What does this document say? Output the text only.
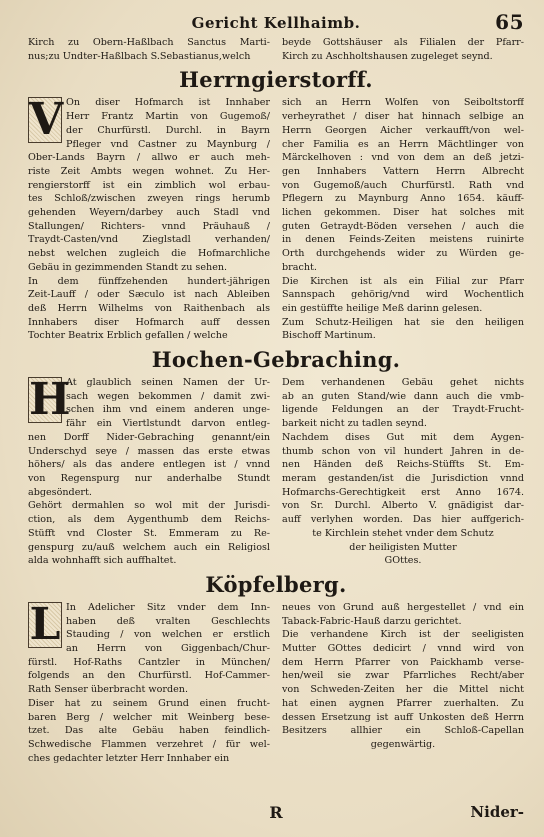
Gericht Kellhaimb.	65
Kirch zu Obern-Haßlbach Sanctus Marti-
nus;zu Undter-Haßlbach S.Sebastianus,welch
beyde Gottshäuser als Filialen der Pfarr-
Kirch zu Aschholtshausen zugeleget seynd.
Herrngierstorff.
V On diser Hofmarch ist Innhaber
Herr Frantz Martin von Gugemoß/
der Churfürstl. Durchl. in Bayrn
Pfleger vnd Castner zu Maynburg /
Ober-Lands Bayrn / allwo er auch meh-
riste Zeit Ambts wegen wohnet. Zu Her-
rengierstorff ist ein zimblich wol erbau-
tes Schloß/zwischen zweyen rings herumb
gehenden Weyern/darbey auch Stadl vnd
Stallungen/ Richters- vnnd Präuhauß /
Traydt-Casten/vnd Zieglstadl verhanden/
nebst welchen zugleich die Hofmarchliche
Gebäu in gezimmenden Standt zu sehen.
In dem fünffzehenden hundert-jährigen
Zeit-Lauff / oder Sæculo ist nach Ableiben
deß Herrn Wilhelms von Raithenbach als
Innhabers diser Hofmarch auff dessen
Tochter Beatrix Erblich gefallen / welche
sich an Herrn Wolfen von Seiboltstorff
verheyrathet / diser hat hinnach selbige an
Herrn Georgen Aicher verkaufft/von wel-
cher Familia es an Herrn Mächtlinger von
Märckelhoven : vnd von dem an deß jetzi-
gen Innhabers Vattern Herrn Albrecht
von Gugemoß/auch Churfürstl. Rath vnd
Pflegern zu Maynburg Anno 1654. käuff-
lichen gekommen. Diser hat solches mit
guten Getraydt-Böden versehen / auch die
in denen Feinds-Zeiten meistens ruinirte
Orth durchgehends wider zu Würden ge-
bracht.
Die Kirchen ist als ein Filial zur Pfarr
Sannspach gehörig/vnd wird Wochentlich
ein gestüffte heilige Meß darinn gelesen.
Zum Schutz-Heiligen hat sie den heiligen
Bischoff Martinum.
Hochen-Gebraching.
H
At glaublich seinen Namen der Ur-
sach wegen bekommen / damit zwi-
schen ihm vnd einem anderen unge-
fähr ein Viertlstundt darvon entleg-
nen Dorff Nider-Gebraching genannt/ein
Underschyd seye / massen das erste etwas
höhers/ als das andere entlegen ist / vnnd
von Regenspurg nur anderhalbe Stundt
abgesöndert.
Gehört dermahlen so wol mit der Jurisdi-
ction, als dem Aygenthumb dem Reichs-
Stüfft vnd Closter St. Emmeram zu Re-
genspurg zu/auß welchem auch ein Religiosl
alda wohnhafft sich auffhaltet.
Dem verhandenen Gebäu gehet nichts
ab an guten Stand/wie dann auch die vmb-
ligende Feldungen an der Traydt-Frucht-
barkeit nicht zu tadlen seynd.
Nachdem dises Gut mit dem Aygen-
thumb schon von vil hundert Jahren in de-
nen Händen deß Reichs-Stüffts St. Em-
meram gestanden/ist die Jurisdiction vnnd
Hofmarchs-Gerechtigkeit erst Anno 1674.
von Sr. Durchl. Alberto V. gnädigist dar-
auff verlyhen worden. Das hier auffgerich-
te Kirchlein stehet vnder dem Schutz
der heiligisten Mutter
GOttes.
Köpfelberg.
L In Adelicher Sitz vnder dem Inn-
haben deß vralten Geschlechts
Stauding / von welchen er erstlich
an Herrn von Giggenbach/Chur-
fürstl. Hof-Raths Cantzler in München/
folgends an den Churfürstl. Hof-Cammer-
Rath Senser überbracht worden.
Diser hat zu seinem Grund einen frucht-
baren Berg / welcher mit Weinberg bese-
tzet. Das alte Gebäu haben feindlich-
Schwedische Flammen verzehret / für wel-
ches gedachter letzter Herr Innhaber ein
neues von Grund auß hergestellet / vnd ein
Taback-Fabric-Hauß darzu gerichtet.
Die verhandene Kirch ist der seeligisten
Mutter GOttes dedicirt / vnnd wird von
dem Herrn Pfarrer von Paickhamb verse-
hen/weil sie zwar Pfarrliches Recht/aber
von Schweden-Zeiten her die Mittel nicht
hat einen aygnen Pfarrer zuerhalten. Zu
dessen Ersetzung ist auff Unkosten deß Herrn
Besitzers allhier ein Schloß-Capellan
gegenwärtig.
R	Nider-
